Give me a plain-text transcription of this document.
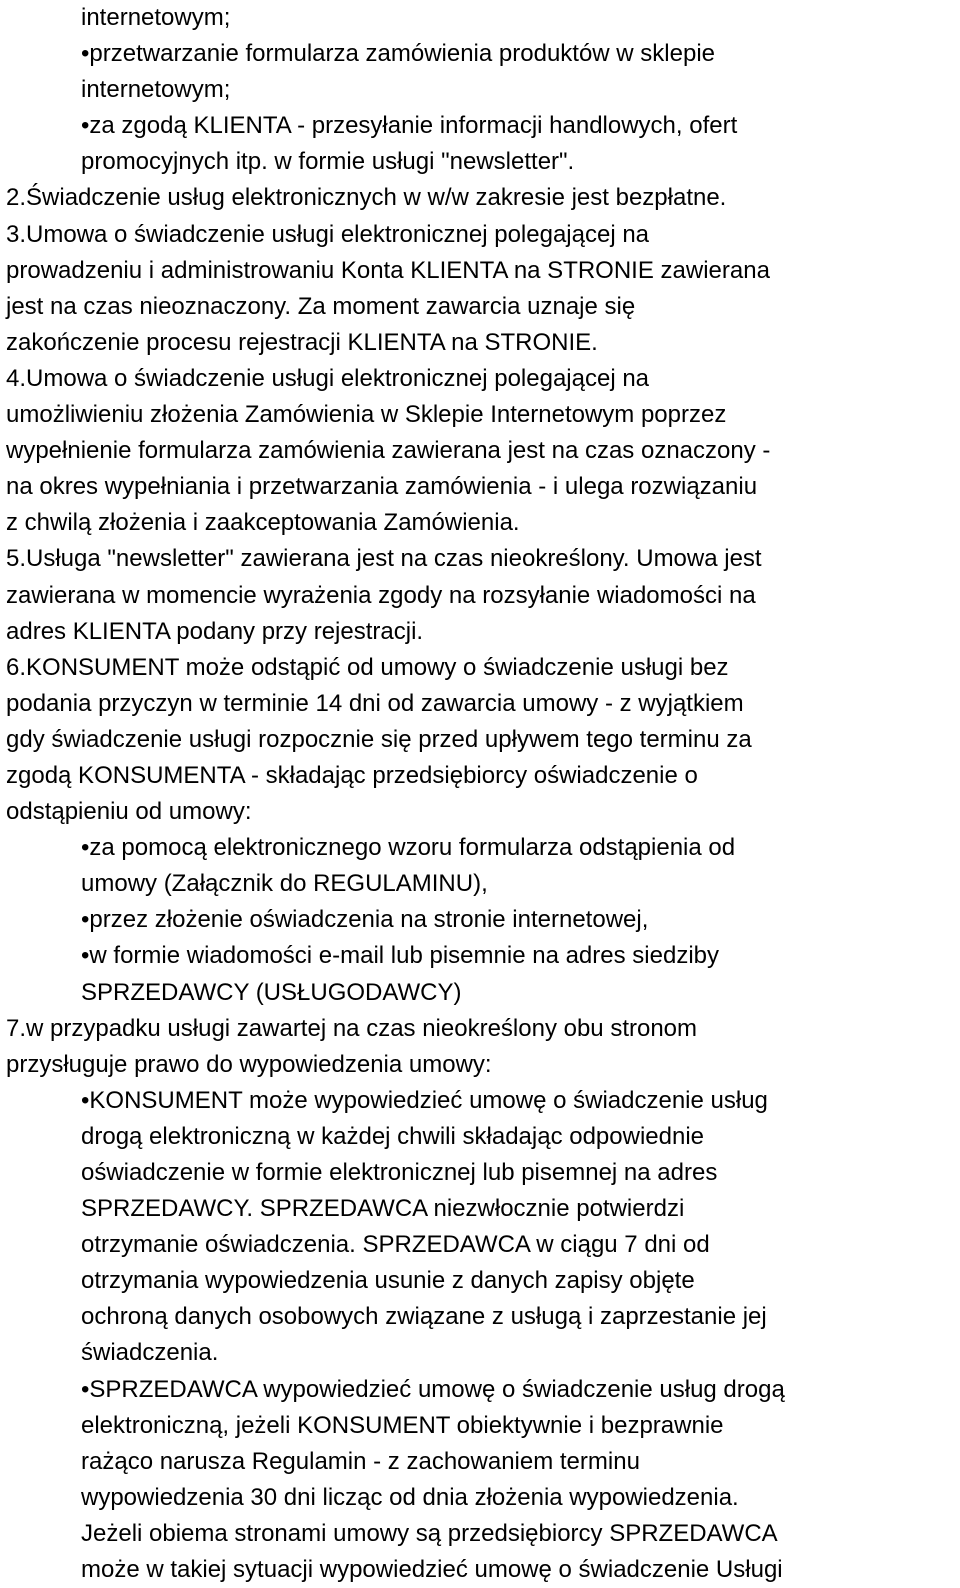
internetowym;
•przetwarzanie formularza zamówienia produktów w sklepie
internetowym;
•za zgodą KLIENTA - przesyłanie informacji handlowych, ofert
promocyjnych itp. w formie usługi "newsletter".
2.Świadczenie usług elektronicznych w w/w zakresie jest bezpłatne.
3.Umowa o świadczenie usługi elektronicznej polegającej na
prowadzeniu i administrowaniu Konta KLIENTA na STRONIE zawierana
jest na czas nieoznaczony. Za moment zawarcia uznaje się
zakończenie procesu rejestracji KLIENTA na STRONIE.
4.Umowa o świadczenie usługi elektronicznej polegającej na
umożliwieniu złożenia Zamówienia w Sklepie Internetowym poprzez
wypełnienie formularza zamówienia zawierana jest na czas oznaczony -
na okres wypełniania i przetwarzania zamówienia - i ulega rozwiązaniu
z chwilą złożenia i zaakceptowania Zamówienia.
5.Usługa "newsletter" zawierana jest na czas nieokreślony. Umowa jest
zawierana w momencie wyrażenia zgody na rozsyłanie wiadomości na
adres KLIENTA podany przy rejestracji.
6.KONSUMENT może odstąpić od umowy o świadczenie usługi bez
podania przyczyn w terminie 14 dni od zawarcia umowy - z wyjątkiem
gdy świadczenie usługi rozpocznie się przed upływem tego terminu za
zgodą KONSUMENTA - składając przedsiębiorcy oświadczenie o
odstąpieniu od umowy:
•za pomocą elektronicznego wzoru formularza odstąpienia od
umowy (Załącznik do REGULAMINU),
•przez złożenie oświadczenia na stronie internetowej,
•w formie wiadomości e-mail lub pisemnie na adres siedziby
SPRZEDAWCY (USŁUGODAWCY)
7.w przypadku usługi zawartej na czas nieokreślony obu stronom
przysługuje prawo do wypowiedzenia umowy:
•KONSUMENT może wypowiedzieć umowę o świadczenie usług
drogą elektroniczną w każdej chwili składając odpowiednie
oświadczenie w formie elektronicznej lub pisemnej na adres
SPRZEDAWCY. SPRZEDAWCA niezwłocznie potwierdzi
otrzymanie oświadczenia. SPRZEDAWCA w ciągu 7 dni od
otrzymania wypowiedzenia usunie z danych zapisy objęte
ochroną danych osobowych związane z usługą i zaprzestanie jej
świadczenia.
•SPRZEDAWCA wypowiedzieć umowę o świadczenie usług drogą
elektroniczną, jeżeli KONSUMENT obiektywnie i bezprawnie
rażąco narusza Regulamin - z zachowaniem terminu
wypowiedzenia 30 dni licząc od dnia złożenia wypowiedzenia.
Jeżeli obiema stronami umowy są przedsiębiorcy SPRZEDAWCA
może w takiej sytuacji wypowiedzieć umowę o świadczenie Usługi
